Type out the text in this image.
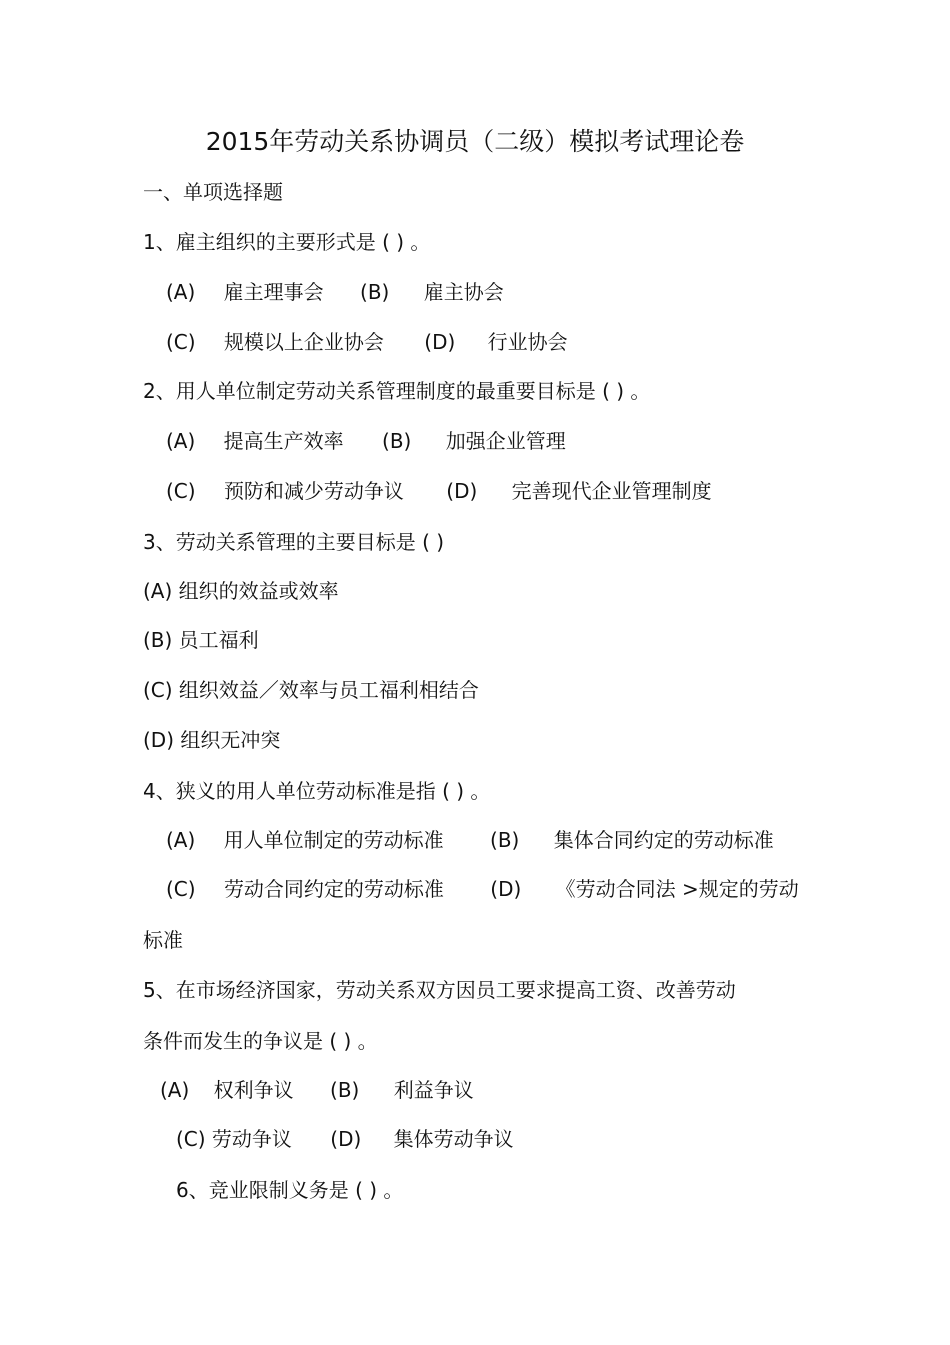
2015年劳动关系协调员（二级）模拟考试理论卷
一、单项选择题
1、雇主组织的主要形式是 ( ) 。
(A) 雇主理事会 (B) 雇主协会
(C) 规模以上企业协会 (D) 行业协会
2、用人单位制定劳动关系管理制度的最重要目标是 ( ) 。
(A) 提高生产效率 (B) 加强企业管理
(C) 预防和减少劳动争议 (D) 完善现代企业管理制度
3、劳动关系管理的主要目标是 ( )
(A) 组织的效益或效率
(B) 员工福利
(C) 组织效益／效率与员工福利相结合
(D) 组织无冲突
4、狭义的用人单位劳动标准是指 ( ) 。
(A) 用人单位制定的劳动标准 (B) 集体合同约定的劳动标准
(C) 劳动合同约定的劳动标准 (D) 《劳动合同法 >规定的劳动
标准
5、在市场经济国家，劳动关系双方因员工要求提高工资、改善劳动
条件而发生的争议是 ( ) 。
(A) 权利争议 (B) 利益争议
(C) 劳动争议 (D) 集体劳动争议
6、竞业限制义务是 ( ) 。
